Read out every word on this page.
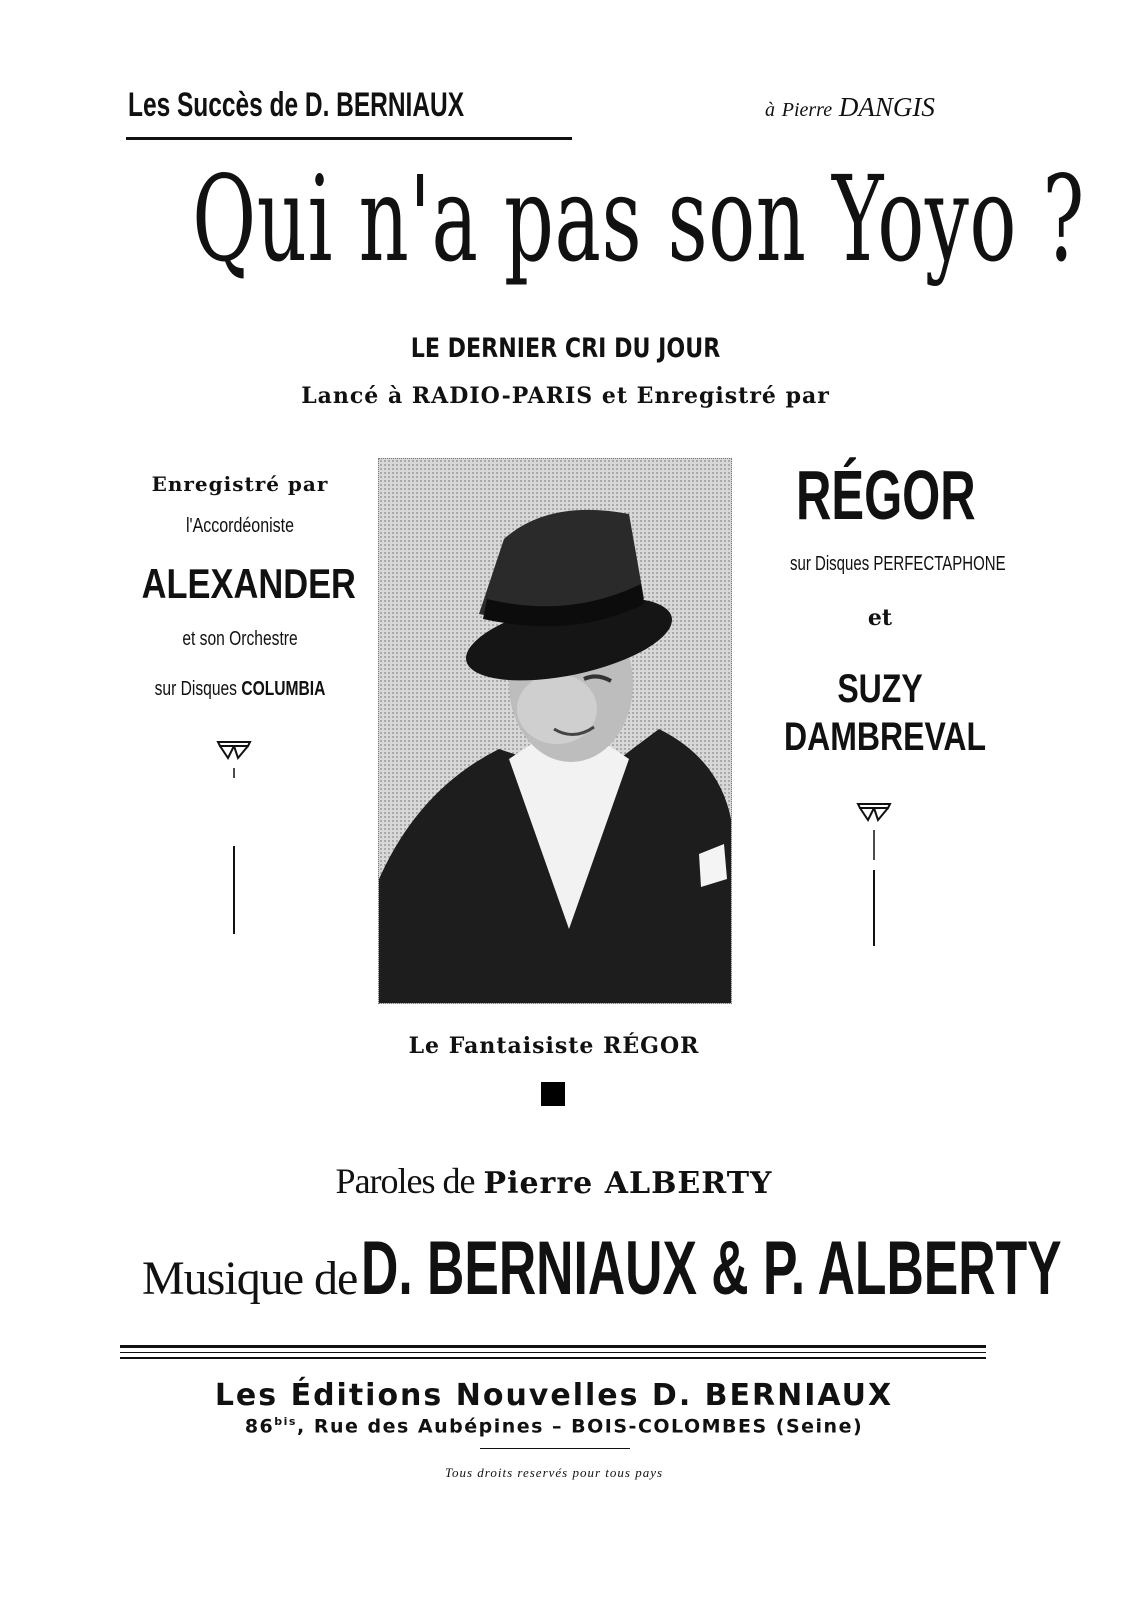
Les Succès de D. BERNIAUX	à Pierre DANGIS
Qui n'a pas son Yoyo ?
LE DERNIER CRI DU JOUR
Lancé à RADIO-PARIS et Enregistré par
Enregistré par
l'Accordéoniste
ALEXANDER
et son Orchestre
sur Disques COLUMBIA
RÉGOR
sur Disques PERFECTAPHONE
et
SUZY
DAMBREVAL
Le Fantaisiste RÉGOR
Paroles de Pierre ALBERTY
Musique de D. BERNIAUX & P. ALBERTY
Les Éditions Nouvelles D. BERNIAUX
$86^{bis}$, Rue des Aubépines – BOIS-COLOMBES (Seine)
Tous droits reservés pour tous pays
